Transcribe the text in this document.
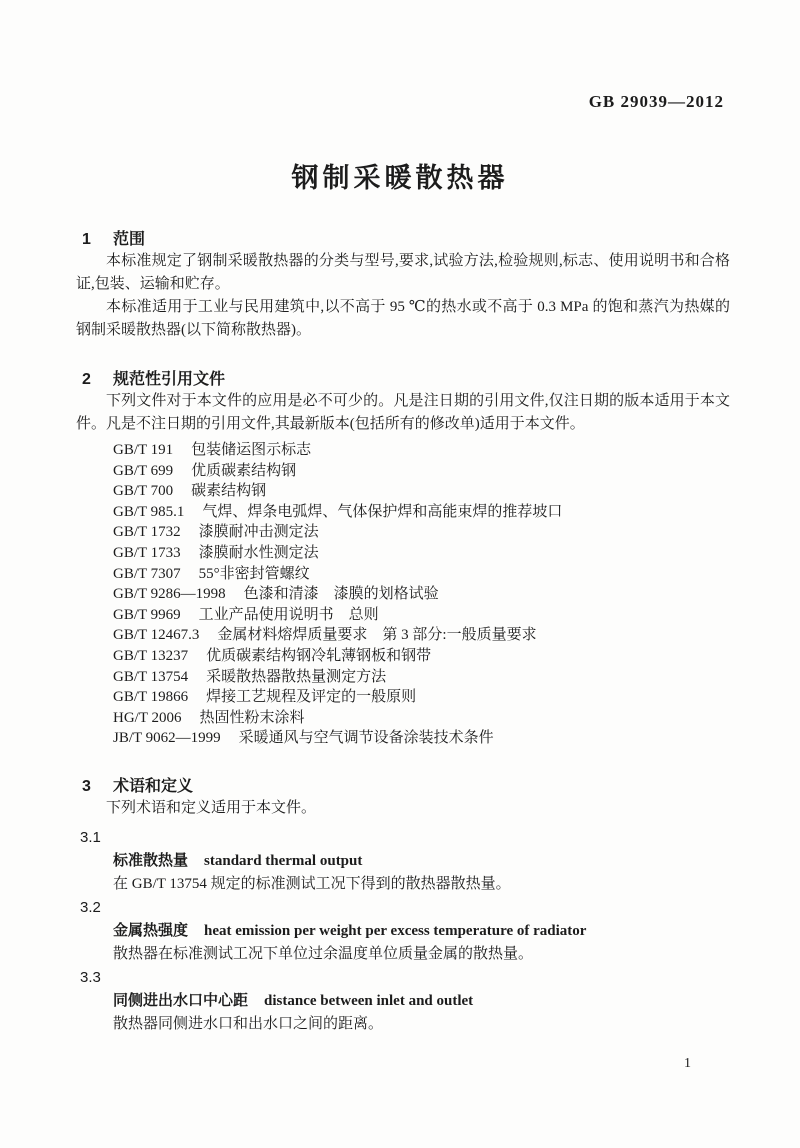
GB 29039—2012
钢制采暖散热器
1 范围

本标准规定了钢制采暖散热器的分类与型号,要求,试验方法,检验规则,标志、使用说明书和合格证,包装、运输和贮存。

本标准适用于工业与民用建筑中,以不高于 95 ℃的热水或不高于 0.3 MPa 的饱和蒸汽为热媒的钢制采暖散热器(以下简称散热器)。

2 规范性引用文件

下列文件对于本文件的应用是必不可少的。凡是注日期的引用文件,仅注日期的版本适用于本文件。凡是不注日期的引用文件,其最新版本(包括所有的修改单)适用于本文件。

GB/T 191 包装储运图示标志
GB/T 699 优质碳素结构钢
GB/T 700 碳素结构钢
GB/T 985.1 气焊、焊条电弧焊、气体保护焊和高能束焊的推荐坡口
GB/T 1732 漆膜耐冲击测定法
GB/T 1733 漆膜耐水性测定法
GB/T 7307 55°非密封管螺纹
GB/T 9286—1998 色漆和清漆　漆膜的划格试验
GB/T 9969 工业产品使用说明书　总则
GB/T 12467.3 金属材料熔焊质量要求　第 3 部分:一般质量要求
GB/T 13237 优质碳素结构钢冷轧薄钢板和钢带
GB/T 13754 采暖散热器散热量测定方法
GB/T 19866 焊接工艺规程及评定的一般原则
HG/T 2006 热固性粉末涂料
JB/T 9062—1999 采暖通风与空气调节设备涂装技术条件
3 术语和定义

下列术语和定义适用于本文件。

3.1
标准散热量 standard thermal output
在 GB/T 13754 规定的标准测试工况下得到的散热器散热量。
3.2
金属热强度 heat emission per weight per excess temperature of radiator
散热器在标准测试工况下单位过余温度单位质量金属的散热量。
3.3
同侧进出水口中心距 distance between inlet and outlet
散热器同侧进水口和出水口之间的距离。
1
